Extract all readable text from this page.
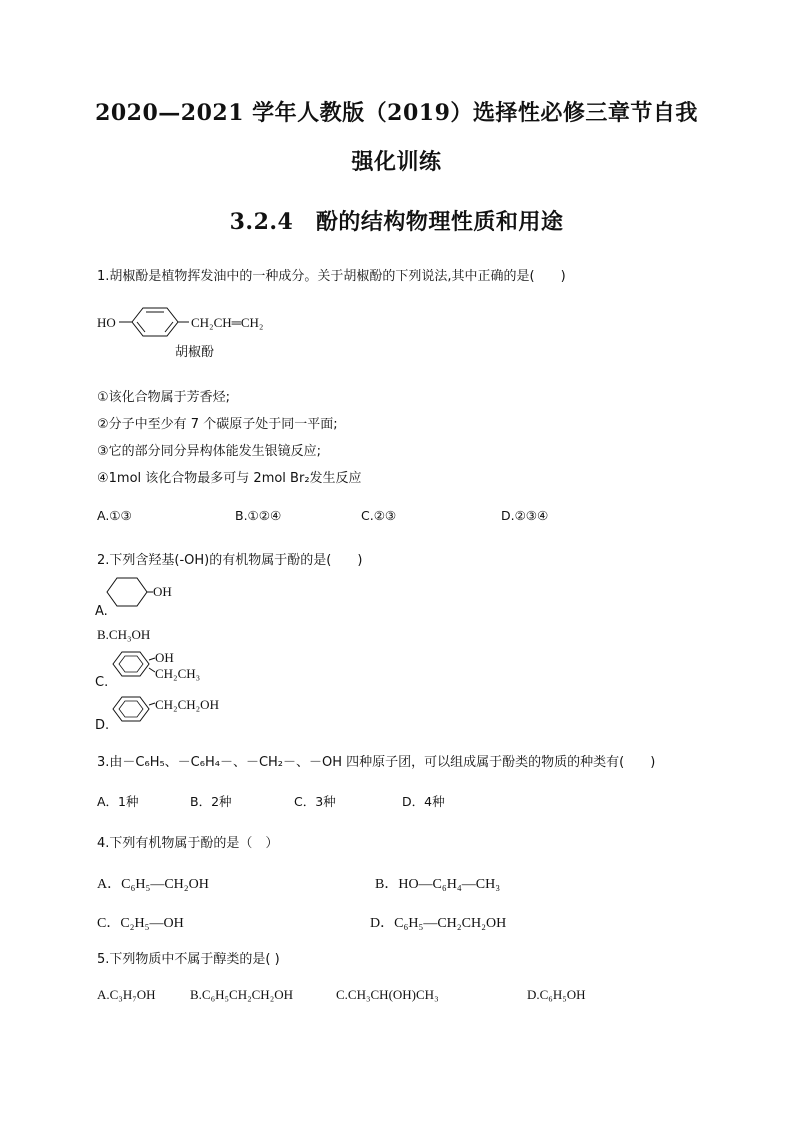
2020—2021 学年人教版（2019）选择性必修三章节自我
强化训练
3.2.4　酚的结构物理性质和用途
1.胡椒酚是植物挥发油中的一种成分。关于胡椒酚的下列说法,其中正确的是(　　)
HO	CH₂CH═CH₂
胡椒酚
①该化合物属于芳香烃;
②分子中至少有 7 个碳原子处于同一平面;
③它的部分同分异构体能发生银镜反应;
④1mol 该化合物最多可与 2mol Br₂发生反应
A.①③	B.①②④	C.②③	D.②③④
2.下列含羟基(-OH)的有机物属于酚的是(　　)
A.
OH
B.CH₃OH
C.
OH
CH₂CH₃
D.
CH₂CH₂OH
3.由－C₆H₅、－C₆H₄－、－CH₂－、－OH 四种原子团，可以组成属于酚类的物质的种类有(　　)
A．1种	B．2种	C．3种	D．4种
4.下列有机物属于酚的是（　）
A．C₆H₅—CH₂OH	B．HO—C₆H₄—CH₃
C．C₂H₅—OH	D．C₆H₅—CH₂CH₂OH
5.下列物质中不属于醇类的是( )
A.C₃H₇OH	B.C₆H₅CH₂CH₂OH	C.CH₃CH(OH)CH₃	D.C₆H₅OH
